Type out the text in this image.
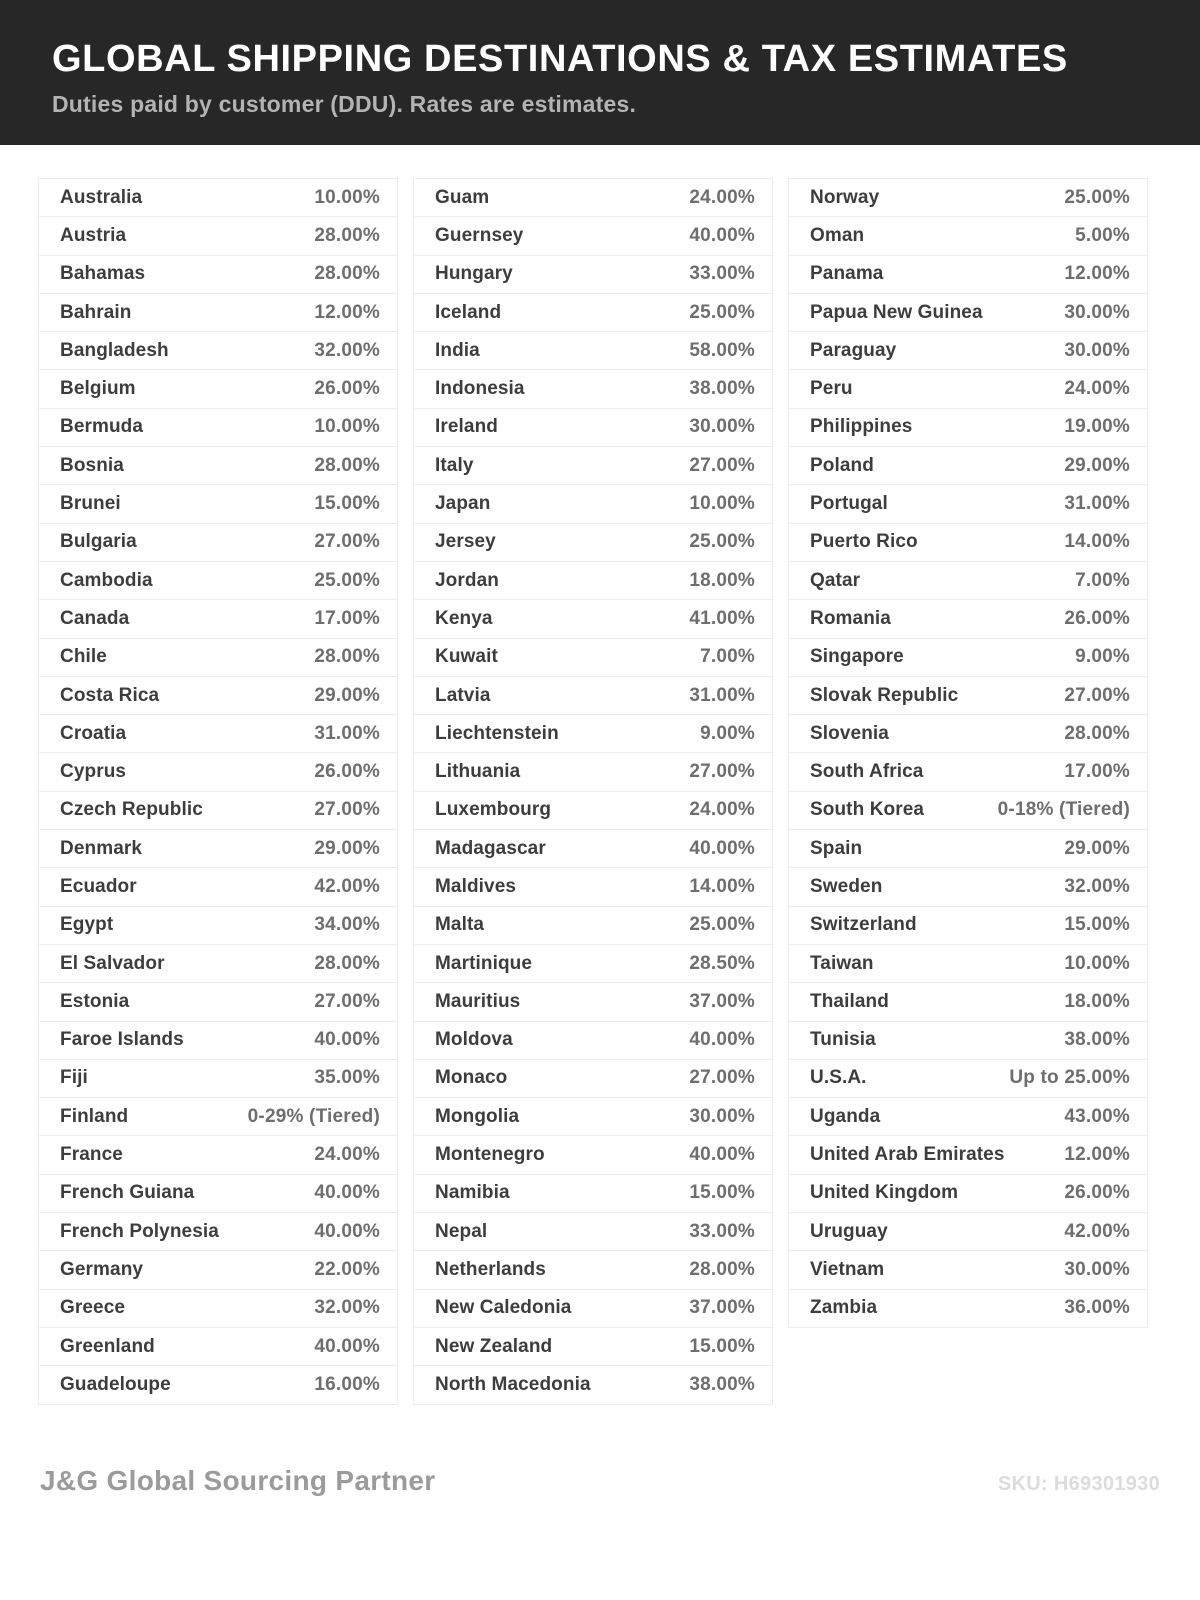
GLOBAL SHIPPING DESTINATIONS & TAX ESTIMATES
Duties paid by customer (DDU). Rates are estimates.
Australia	10.00%
Austria	28.00%
Bahamas	28.00%
Bahrain	12.00%
Bangladesh	32.00%
Belgium	26.00%
Bermuda	10.00%
Bosnia	28.00%
Brunei	15.00%
Bulgaria	27.00%
Cambodia	25.00%
Canada	17.00%
Chile	28.00%
Costa Rica	29.00%
Croatia	31.00%
Cyprus	26.00%
Czech Republic	27.00%
Denmark	29.00%
Ecuador	42.00%
Egypt	34.00%
El Salvador	28.00%
Estonia	27.00%
Faroe Islands	40.00%
Fiji	35.00%
Finland	0-29% (Tiered)
France	24.00%
French Guiana	40.00%
French Polynesia	40.00%
Germany	22.00%
Greece	32.00%
Greenland	40.00%
Guadeloupe	16.00%
Guam	24.00%
Guernsey	40.00%
Hungary	33.00%
Iceland	25.00%
India	58.00%
Indonesia	38.00%
Ireland	30.00%
Italy	27.00%
Japan	10.00%
Jersey	25.00%
Jordan	18.00%
Kenya	41.00%
Kuwait	7.00%
Latvia	31.00%
Liechtenstein	9.00%
Lithuania	27.00%
Luxembourg	24.00%
Madagascar	40.00%
Maldives	14.00%
Malta	25.00%
Martinique	28.50%
Mauritius	37.00%
Moldova	40.00%
Monaco	27.00%
Mongolia	30.00%
Montenegro	40.00%
Namibia	15.00%
Nepal	33.00%
Netherlands	28.00%
New Caledonia	37.00%
New Zealand	15.00%
North Macedonia	38.00%
Norway	25.00%
Oman	5.00%
Panama	12.00%
Papua New Guinea	30.00%
Paraguay	30.00%
Peru	24.00%
Philippines	19.00%
Poland	29.00%
Portugal	31.00%
Puerto Rico	14.00%
Qatar	7.00%
Romania	26.00%
Singapore	9.00%
Slovak Republic	27.00%
Slovenia	28.00%
South Africa	17.00%
South Korea	0-18% (Tiered)
Spain	29.00%
Sweden	32.00%
Switzerland	15.00%
Taiwan	10.00%
Thailand	18.00%
Tunisia	38.00%
U.S.A.	Up to 25.00%
Uganda	43.00%
United Arab Emirates	12.00%
United Kingdom	26.00%
Uruguay	42.00%
Vietnam	30.00%
Zambia	36.00%
J&G Global Sourcing Partner	SKU: H69301930
